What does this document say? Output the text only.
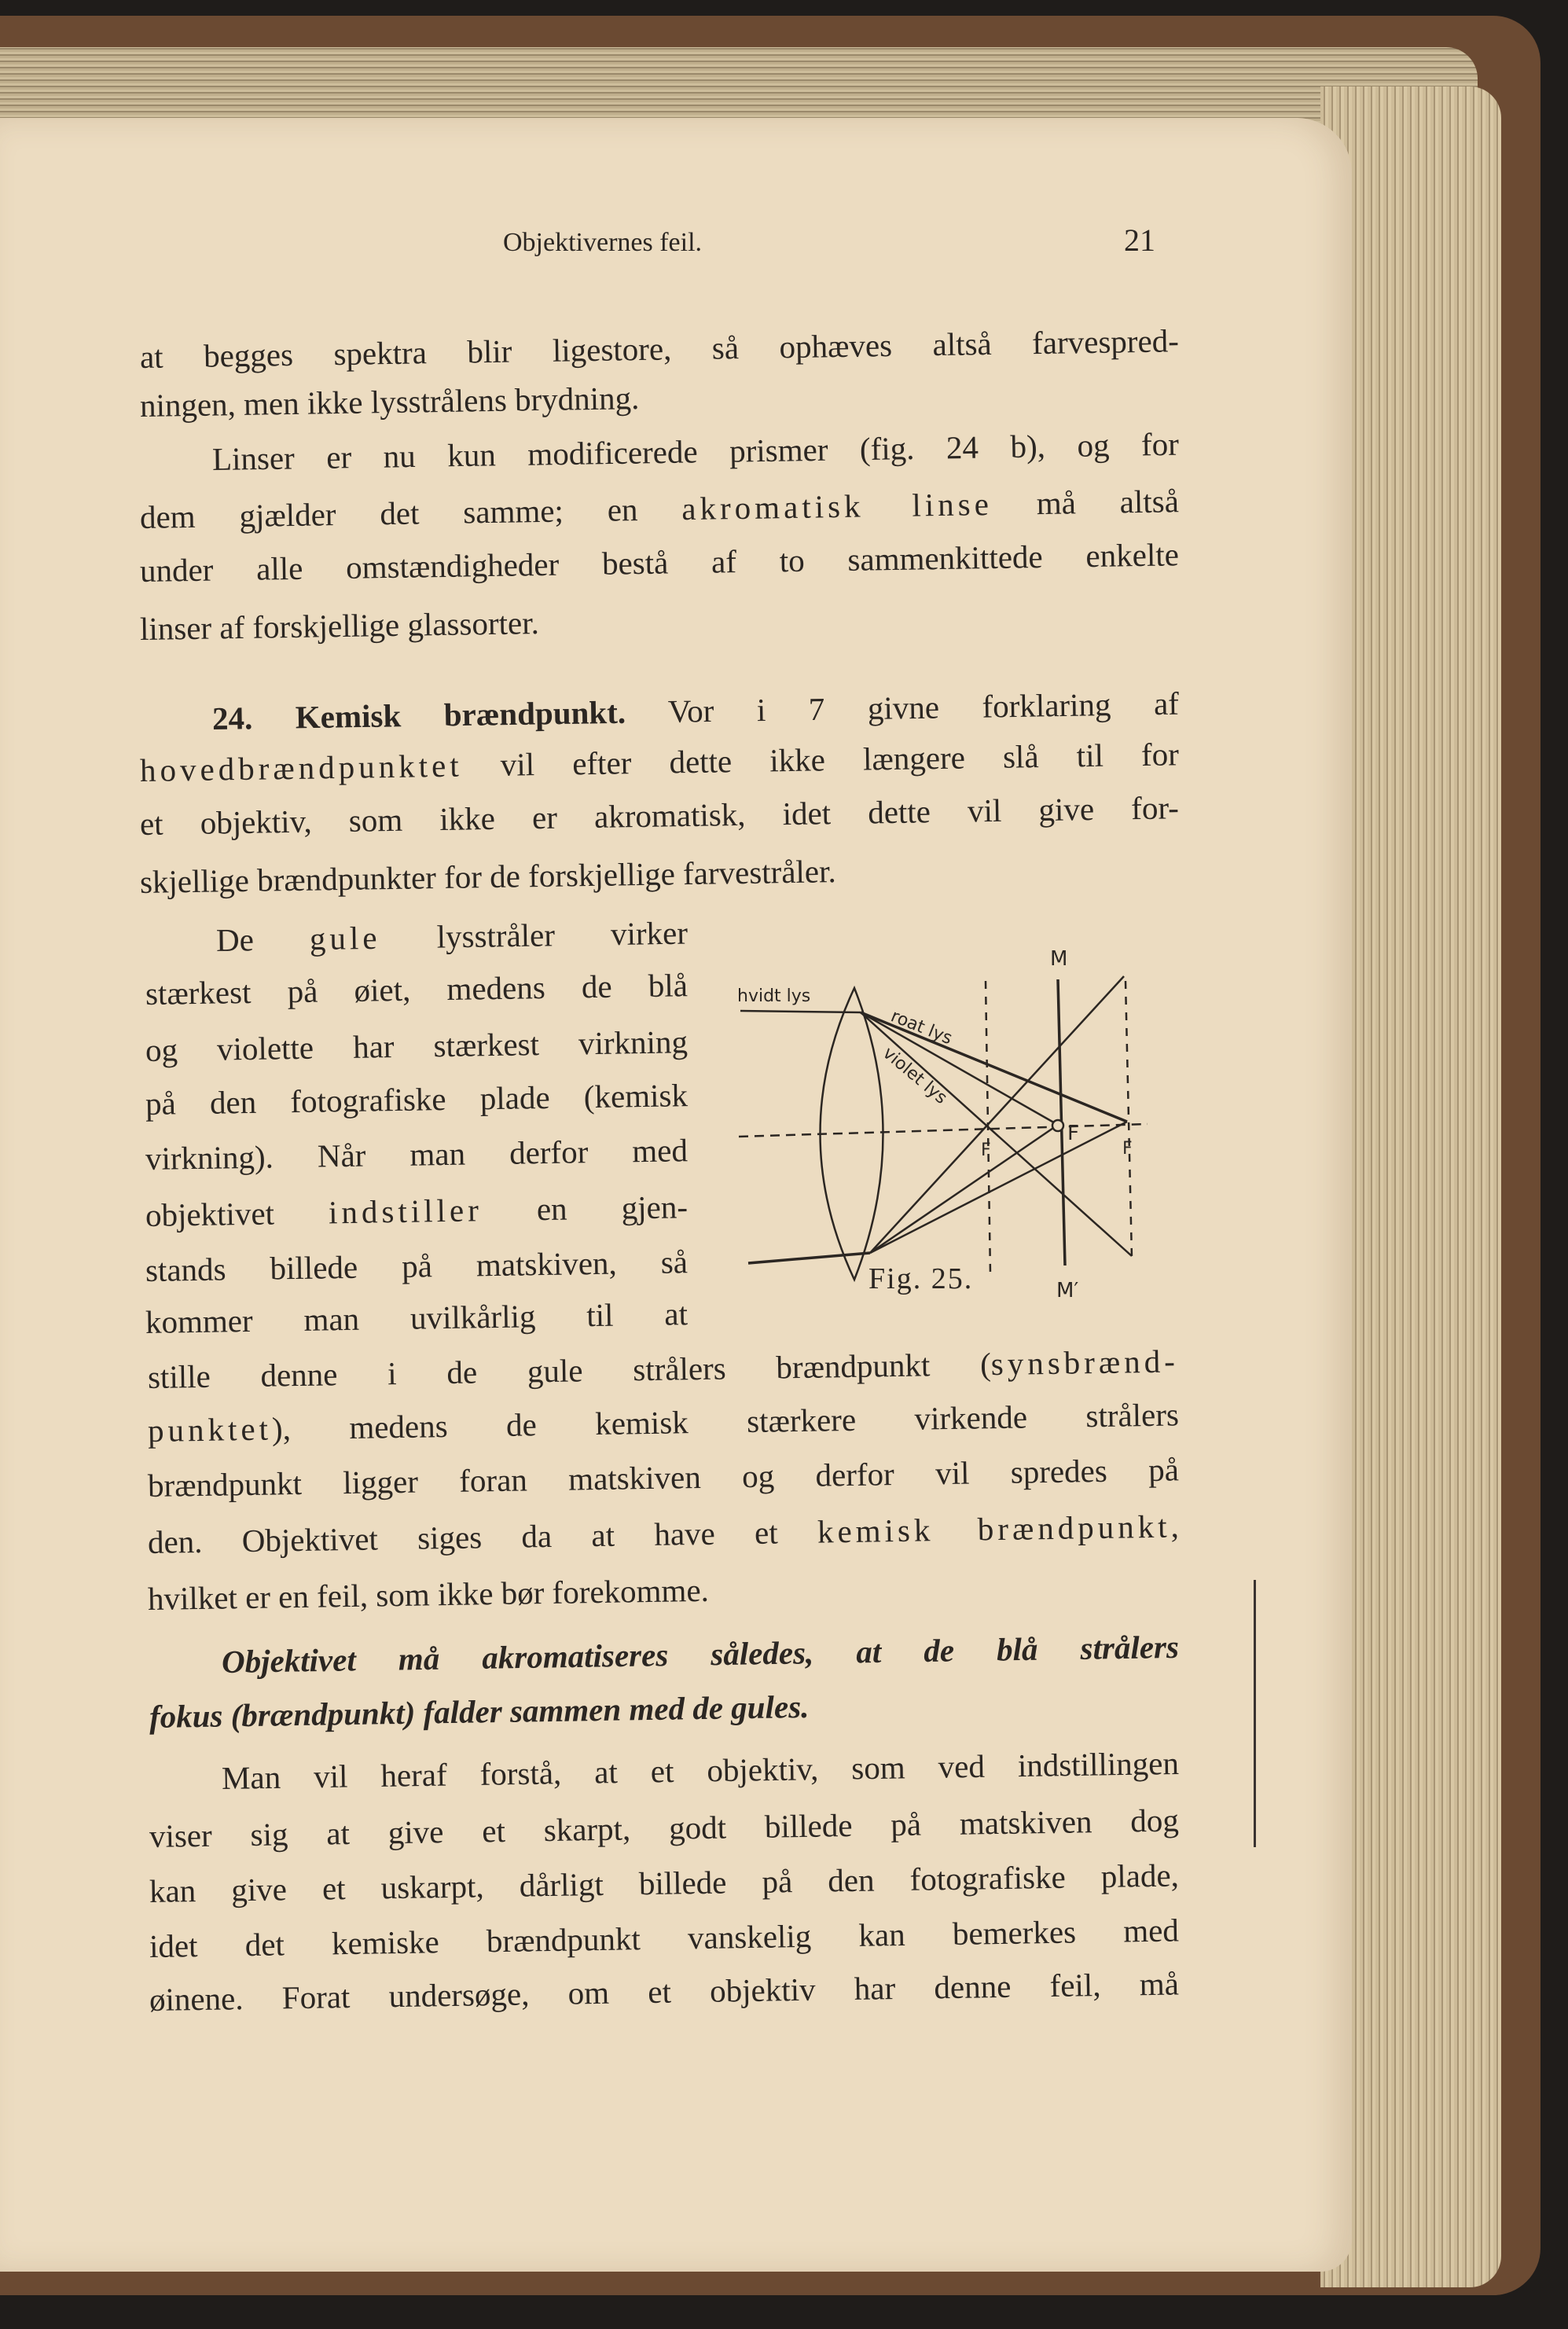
Objektivernes feil.	21
at begges spektra blir ligestore, så ophæves altså farvespred-
ningen, men ikke lysstrålens brydning.
Linser er nu kun modificerede prismer (fig. 24 b), og for
dem gjælder det samme; en akromatisk linse må altså
under alle omstændigheder bestå af to sammenkittede enkelte
linser af forskjellige glassorter.
24. Kemisk brændpunkt. Vor i 7 givne forklaring af
hovedbrændpunktet vil efter dette ikke længere slå til for
et objektiv, som ikke er akromatisk, idet dette vil give for-
skjellige brændpunkter for de forskjellige farvestråler.
De gule lysstråler virker
stærkest på øiet, medens de blå
og violette har stærkest virkning
på den fotografiske plade (kemisk
virkning). Når man derfor med
objektivet indstiller en gjen-
stands billede på matskiven, så
kommer man uvilkårlig til at
stille denne i de gule strålers brændpunkt (synsbrænd-
punktet), medens de kemisk stærkere virkende strålers
brændpunkt ligger foran matskiven og derfor vil spredes på
den. Objektivet siges da at have et kemisk brændpunkt,
hvilket er en feil, som ikke bør forekomme.
Objektivet må akromatiseres således, at de blå strålers
fokus (brændpunkt) falder sammen med de gules.
Man vil heraf forstå, at et objektiv, som ved indstillingen
viser sig at give et skarpt, godt billede på matskiven dog
kan give et uskarpt, dårligt billede på den fotografiske plade,
idet det kemiske brændpunkt vanskelig kan bemerkes med
øinene. Forat undersøge, om et objektiv har denne feil, må
hvidt lys
roat lys
violet lys
M
M′
F
F	F
Fig. 25.
